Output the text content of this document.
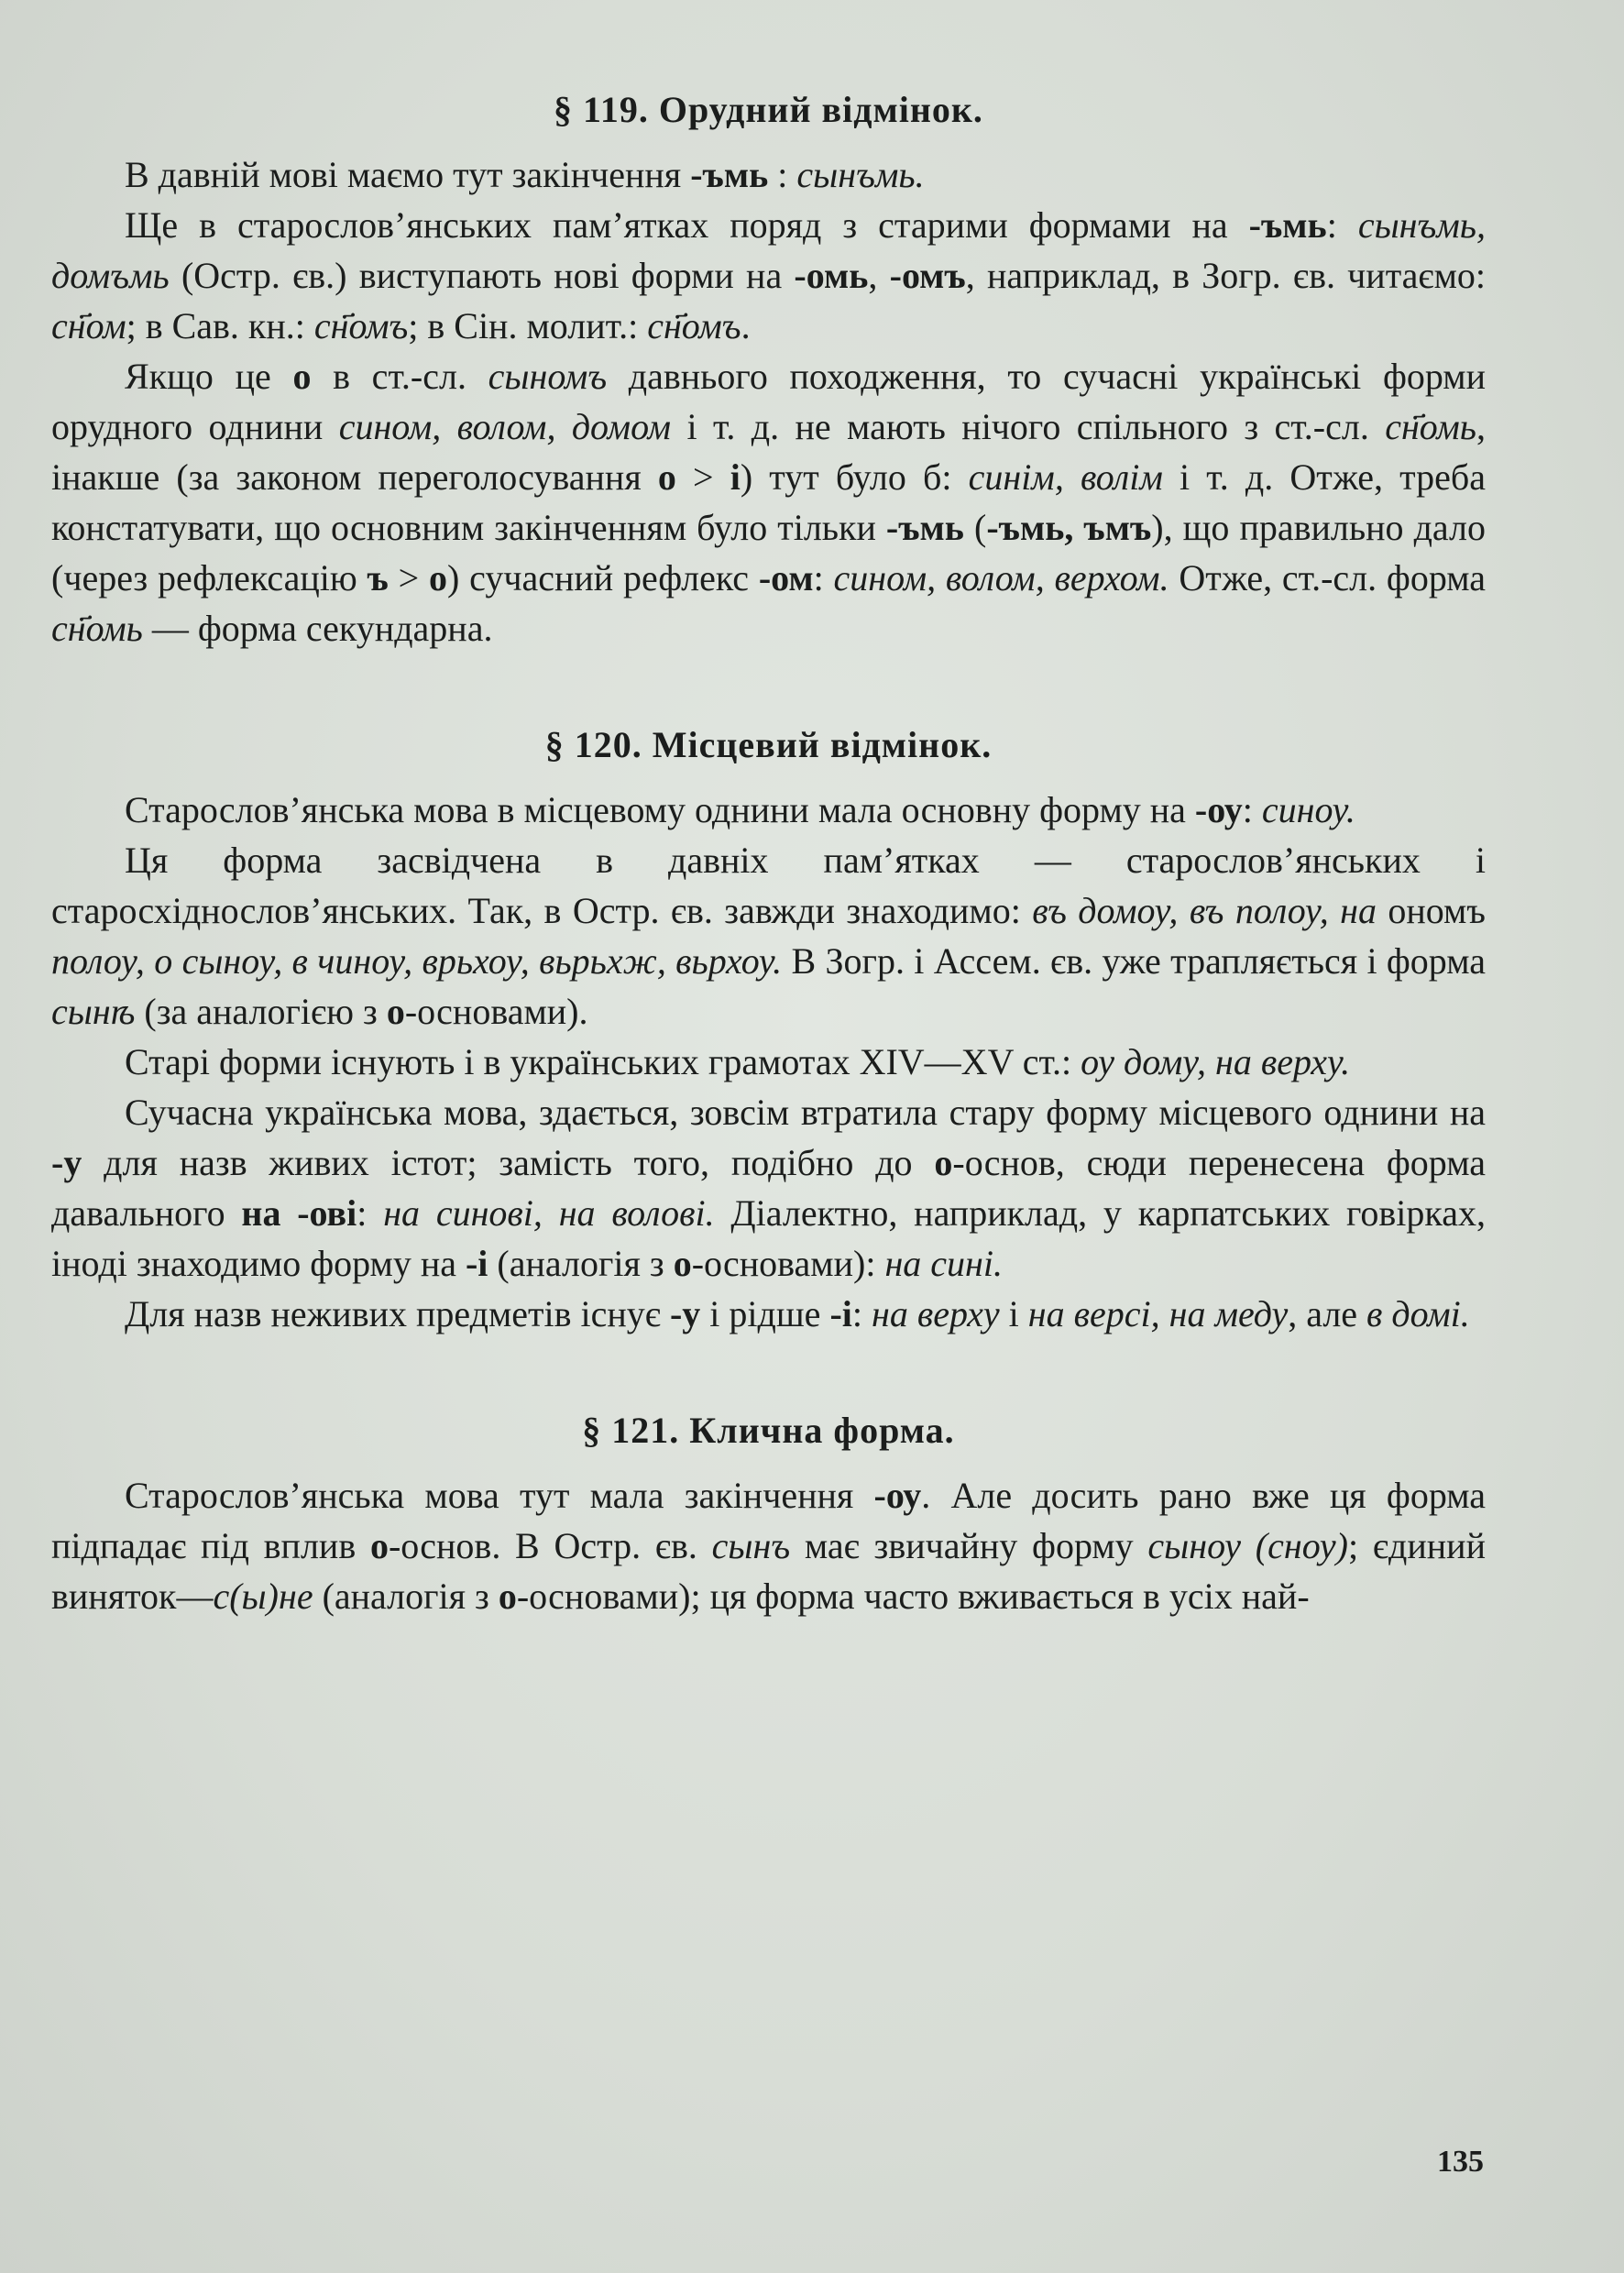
§ 119. Орудний відмінок.

В давній мові маємо тут закінчення -ъмь : сынъмь.

Ще в старослов’янських пам’ятках поряд з старими формами на -ъмь: сынъмь, домъмь (Остр. єв.) виступають нові форми на -омь, -омъ, наприклад, в Зогр. єв. читаємо: сн҃ом; в Сав. кн.: сн҃омъ; в Сін. молит.: сн҃омъ.

Якщо це о в ст.-сл. сыномъ давнього походження, то сучасні українські форми орудного однини сином, волом, домом і т. д. не мають нічого спільного з ст.-сл. сн҃омь, інакше (за законом переголосування о > і) тут було б: синім, волім і т. д. Отже, треба констатувати, що основним закінченням було тільки -ъмь (-ъмь, ъмъ), що правильно дало (через рефлексацію ъ > о) сучасний рефлекс -ом: сином, волом, верхом. Отже, ст.-сл. форма сн҃омь — форма секундарна.

§ 120. Місцевий відмінок.

Старослов’янська мова в місцевому однини мала основну форму на -оу: синоу.

Ця форма засвідчена в давніх пам’ятках — старослов’янських і старосхіднослов’янських. Так, в Остр. єв. завжди знаходимо: въ домоу, въ полоу, на ономъ полоу, о сыноу, в чиноу, врьхоу, вьрьхж, вьрхоу. В Зогр. і Ассем. єв. уже трапляється і форма сынѣ (за аналогією з о-основами).

Старі форми існують і в українських грамотах XIV—XV ст.: оу дому, на верху.

Сучасна українська мова, здається, зовсім втратила стару форму місцевого однини на -у для назв живих істот; замість того, подібно до о-основ, сюди перенесена форма давального на -ові: на синові, на волові. Діалектно, наприклад, у карпатських говірках, іноді знаходимо форму на -і (аналогія з о-основами): на сині.

Для назв неживих предметів існує -у і рідше -і: на верху і на версі, на меду, але в домі.

§ 121. Кличнa форма.

Старослов’янська мова тут мала закінчення -оу. Але досить рано вже ця форма підпадає під вплив о-основ. В Остр. єв. сынъ має звичайну форму сыноу (сноу); єдиний виняток—с(ы)не (аналогія з о-основами); ця форма часто вживається в усіх най-

135
